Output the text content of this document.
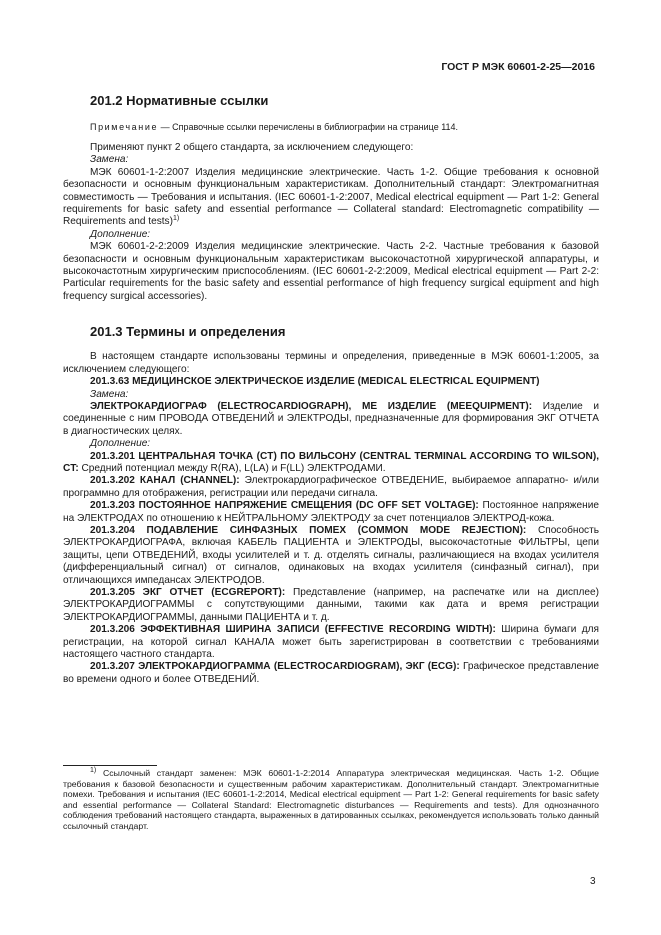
ГОСТ Р МЭК 60601-2-25—2016
201.2 Нормативные ссылки

Примечание — Справочные ссылки перечислены в библиографии на странице 114.

Применяют пункт 2 общего стандарта, за исключением следующего:

Замена:

МЭК 60601-1-2:2007 Изделия медицинские электрические. Часть 1-2. Общие требования к основной безопасности и основным функциональным характеристикам. Дополнительный стандарт: Электромагнитная совместимость — Требования и испытания. (IEC 60601-1-2:2007, Medical electrical equipment — Part 1-2: General requirements for basic safety and essential performance — Collateral standard: Electromagnetic compatibility — Requirements and tests)$^{1)}$

Дополнение:

МЭК 60601-2-2:2009 Изделия медицинские электрические. Часть 2-2. Частные требования к базовой безопасности и основным функциональным характеристикам высокочастотной хирургической аппаратуры, и высокочастотным хирургическим приспособлениям. (IEC 60601-2-2:2009, Medical electrical equipment — Part 2-2: Particular requirements for the basic safety and essential performance of high frequency surgical equipment and high frequency surgical accessories).

201.3 Термины и определения

В настоящем стандарте использованы термины и определения, приведенные в МЭК 60601-1:2005, за исключением следующего:

201.3.63 МЕДИЦИНСКОЕ ЭЛЕКТРИЧЕСКОЕ ИЗДЕЛИЕ (MEDICAL ELECTRICAL EQUIPMENT)

Замена:

ЭЛЕКТРОКАРДИОГРАФ (ELECTROCARDIOGRAPH), ME ИЗДЕЛИЕ (MEEQUIPMENT): Изделие и соединенные с ним ПРОВОДА ОТВЕДЕНИЙ и ЭЛЕКТРОДЫ, предназначенные для формирования ЭКГ ОТЧЕТА в диагностических целях.

Дополнение:

201.3.201 ЦЕНТРАЛЬНАЯ ТОЧКА (CT) ПО ВИЛЬСОНУ (CENTRAL TERMINAL ACCORDING TO WILSON), CT: Средний потенциал между R(RA), L(LA) и F(LL) ЭЛЕКТРОДАМИ.

201.3.202 КАНАЛ (CHANNEL): Электрокардиографическое ОТВЕДЕНИЕ, выбираемое аппаратно- и/или программно для отображения, регистрации или передачи сигнала.

201.3.203 ПОСТОЯННОЕ НАПРЯЖЕНИЕ СМЕЩЕНИЯ (DC OFF SET VOLTAGE): Постоянное напряжение на ЭЛЕКТРОДАХ по отношению к НЕЙТРАЛЬНОМУ ЭЛЕКТРОДУ за счет потенциалов ЭЛЕКТРОД-кожа.

201.3.204 ПОДАВЛЕНИЕ СИНФАЗНЫХ ПОМЕХ (COMMON MODE REJECTION): Способность ЭЛЕКТРОКАРДИОГРАФА, включая КАБЕЛЬ ПАЦИЕНТА и ЭЛЕКТРОДЫ, высокочастотные ФИЛЬТРЫ, цепи защиты, цепи ОТВЕДЕНИЙ, входы усилителей и т. д. отделять сигналы, различающиеся на входах усилителя (дифференциальный сигнал) от сигналов, одинаковых на входах усилителя (синфазный сигнал), при отличающихся импедансах ЭЛЕКТРОДОВ.

201.3.205 ЭКГ ОТЧЕТ (ECGREPORT): Представление (например, на распечатке или на дисплее) ЭЛЕКТРОКАРДИОГРАММЫ с сопутствующими данными, такими как дата и время регистрации ЭЛЕКТРОКАРДИОГРАММЫ, данными ПАЦИЕНТА и т. д.

201.3.206 ЭФФЕКТИВНАЯ ШИРИНА ЗАПИСИ (EFFECTIVE RECORDING WIDTH): Ширина бумаги для регистрации, на которой сигнал КАНАЛА может быть зарегистрирован в соответствии с требованиями настоящего частного стандарта.

201.3.207 ЭЛЕКТРОКАРДИОГРАММА (ELECTROCARDIOGRAM), ЭКГ (ECG): Графическое представление во времени одного и более ОТВЕДЕНИЙ.

$^{1)}$ Ссылочный стандарт заменен: МЭК 60601-1-2:2014 Аппаратура электрическая медицинская. Часть 1-2. Общие требования к базовой безопасности и существенным рабочим характеристикам. Дополнительный стандарт. Электромагнитные помехи. Требования и испытания (IEC 60601-1-2:2014, Medical electrical equipment — Part 1-2: General requirements for basic safety and essential performance — Collateral Standard: Electromagnetic disturbances — Requirements and tests). Для однозначного соблюдения требований настоящего стандарта, выраженных в датированных ссылках, рекомендуется использовать только данный ссылочный стандарт.

3
